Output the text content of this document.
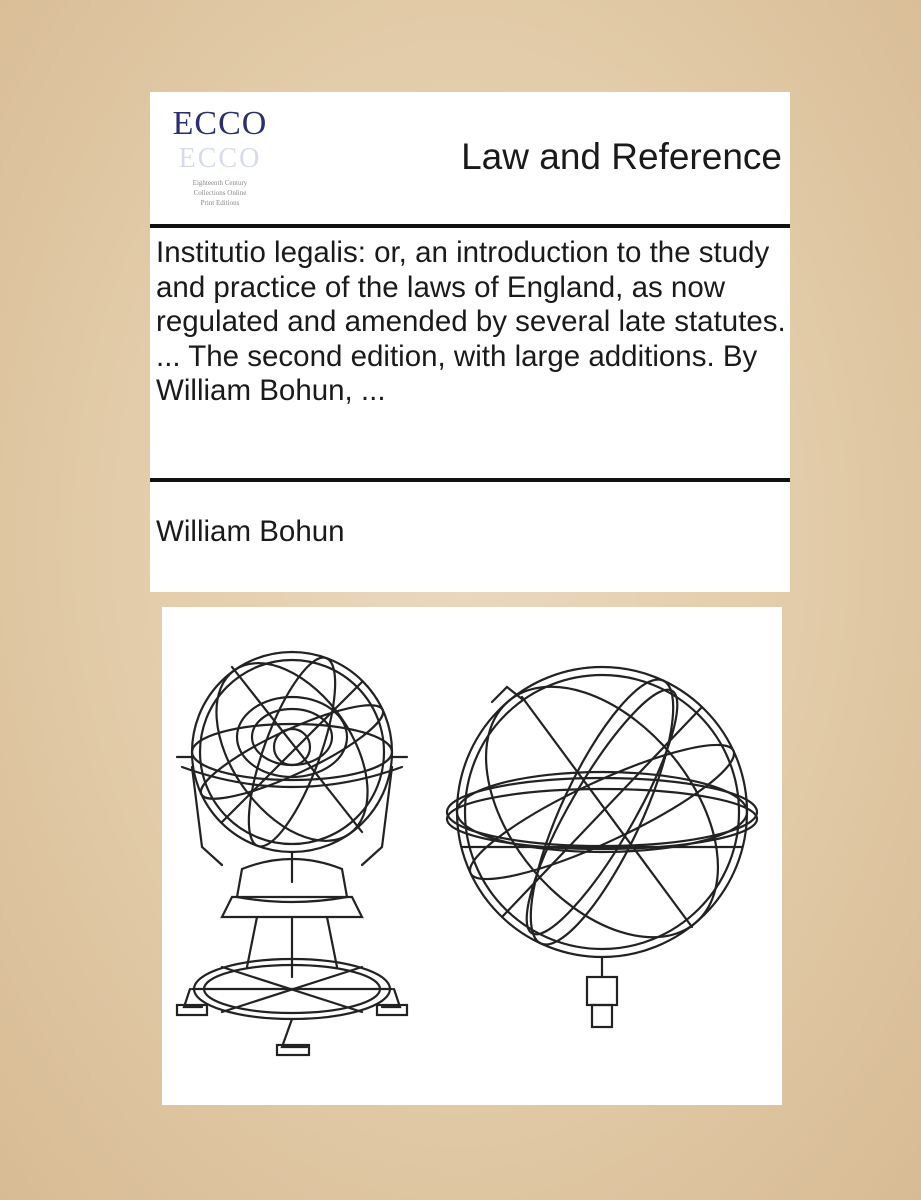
ECCO
ECCO
Eighteenth Century
Collections Online
Print Editions
Law and Reference
Institutio legalis: or, an introduction to the study and practice of the laws of England, as now regulated and amended by several late statutes. ... The second edition, with large additions. By William Bohun, ...
William Bohun
